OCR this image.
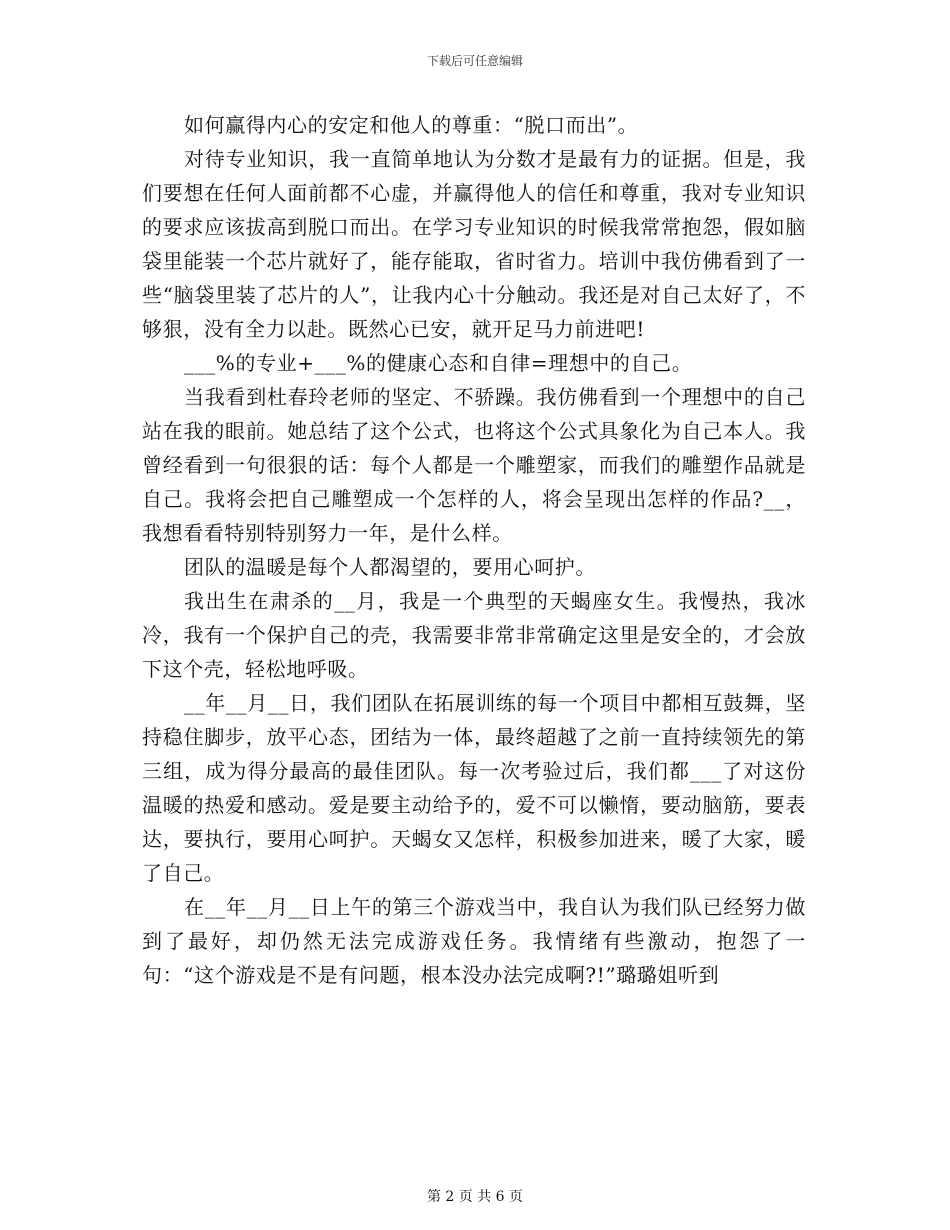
下载后可任意编辑

如何赢得内心的安定和他人的尊重：“脱口而出”。

对待专业知识，我一直简单地认为分数才是最有力的证据。但是，我们要想在任何人面前都不心虚，并赢得他人的信任和尊重，我对专业知识的要求应该拔高到脱口而出。在学习专业知识的时候我常常抱怨，假如脑袋里能装一个芯片就好了，能存能取，省时省力。培训中我仿佛看到了一些“脑袋里装了芯片的人”，让我内心十分触动。我还是对自己太好了，不够狠，没有全力以赴。既然心已安，就开足马力前进吧!

___%的专业+___%的健康心态和自律=理想中的自己。

当我看到杜春玲老师的坚定、不骄躁。我仿佛看到一个理想中的自己站在我的眼前。她总结了这个公式，也将这个公式具象化为自己本人。我曾经看到一句很狠的话：每个人都是一个雕塑家，而我们的雕塑作品就是自己。我将会把自己雕塑成一个怎样的人，将会呈现出怎样的作品?__，我想看看特别特别努力一年，是什么样。

团队的温暖是每个人都渴望的，要用心呵护。

我出生在肃杀的__月，我是一个典型的天蝎座女生。我慢热，我冰冷，我有一个保护自己的壳，我需要非常非常确定这里是安全的，才会放下这个壳，轻松地呼吸。

__年__月__日，我们团队在拓展训练的每一个项目中都相互鼓舞，坚持稳住脚步，放平心态，团结为一体，最终超越了之前一直持续领先的第三组，成为得分最高的最佳团队。每一次考验过后，我们都___了对这份温暖的热爱和感动。爱是要主动给予的，爱不可以懒惰，要动脑筋，要表达，要执行，要用心呵护。天蝎女又怎样，积极参加进来，暖了大家，暖了自己。

在__年__月__日上午的第三个游戏当中，我自认为我们队已经努力做到了最好，却仍然无法完成游戏任务。我情绪有些激动，抱怨了一句：“这个游戏是不是有问题，根本没办法完成啊?!”璐璐姐听到

第 2 页 共 6 页
